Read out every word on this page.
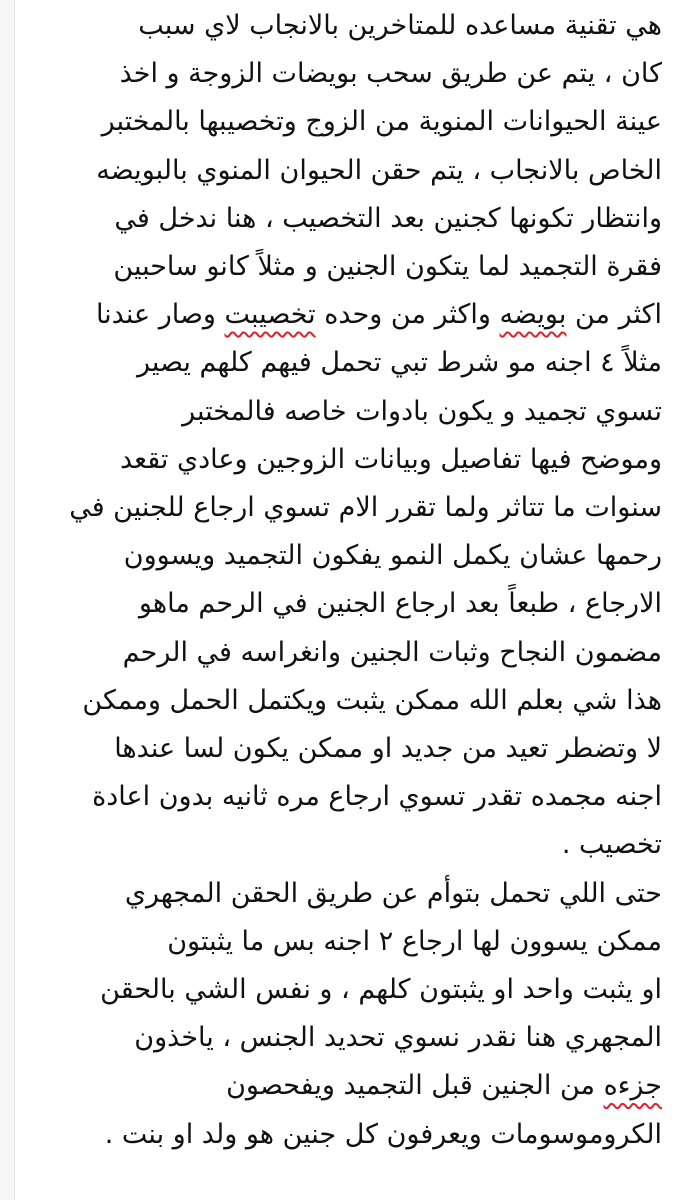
هي تقنية مساعده للمتاخرين بالانجاب لاي سبب
كان ، يتم عن طريق سحب بويضات الزوجة و اخذ
عينة الحيوانات المنوية من الزوج وتخصيبها بالمختبر
الخاص بالانجاب ، يتم حقن الحيوان المنوي بالبويضه
وانتظار تكونها كجنين بعد التخصيب ، هنا ندخل في
فقرة التجميد لما يتكون الجنين و مثلاً كانو ساحبين
اكثر من بويضه واكثر من وحده تخصيبت وصار عندنا
مثلاً ٤ اجنه مو شرط تبي تحمل فيهم كلهم يصير
تسوي تجميد و يكون بادوات خاصه فالمختبر
وموضح فيها تفاصيل وبيانات الزوجين وعادي تقعد
سنوات ما تتاثر ولما تقرر الام تسوي ارجاع للجنين في
رحمها عشان يكمل النمو يفكون التجميد ويسوون
الارجاع ، طبعاً بعد ارجاع الجنين في الرحم ماهو
مضمون النجاح وثبات الجنين وانغراسه في الرحم
هذا شي بعلم الله ممكن يثبت ويكتمل الحمل وممكن
لا وتضطر تعيد من جديد او ممكن يكون لسا عندها
اجنه مجمده تقدر تسوي ارجاع مره ثانيه بدون اعادة
تخصيب .
حتى اللي تحمل بتوأم عن طريق الحقن المجهري
ممكن يسوون لها ارجاع ٢ اجنه بس ما يثبتون
او يثبت واحد او يثبتون كلهم ، و نفس الشي بالحقن
المجهري هنا نقدر نسوي تحديد الجنس ، ياخذون
جزءه من الجنين قبل التجميد ويفحصون
الكروموسومات ويعرفون كل جنين هو ولد او بنت .
